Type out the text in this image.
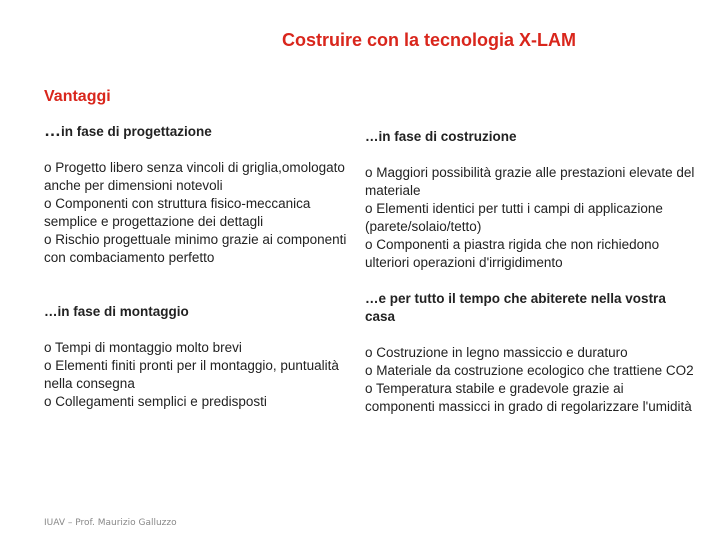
Costruire con la tecnologia X-LAM
Vantaggi

…in fase di progettazione

o Progetto libero senza vincoli di griglia,omologato anche per dimensioni notevoli

o Componenti con struttura fisico-meccanica semplice e progettazione dei dettagli

o Rischio progettuale minimo grazie ai componenti con combaciamento perfetto

…in fase di montaggio

o Tempi di montaggio molto brevi

o Elementi finiti pronti per il montaggio, puntualità nella consegna

o Collegamenti semplici e predisposti

…in fase di costruzione

o Maggiori possibilità grazie alle prestazioni elevate del materiale

o Elementi identici per tutti i campi di applicazione (parete/solaio/tetto)

o Componenti a piastra rigida che non richiedono ulteriori operazioni d'irrigidimento

…e per tutto il tempo che abiterete nella vostra casa

o Costruzione in legno massiccio e duraturo

o Materiale da costruzione ecologico che trattiene CO2

o Temperatura stabile e gradevole grazie ai componenti massicci in grado di regolarizzare l'umidità

IUAV – Prof. Maurizio Galluzzo
